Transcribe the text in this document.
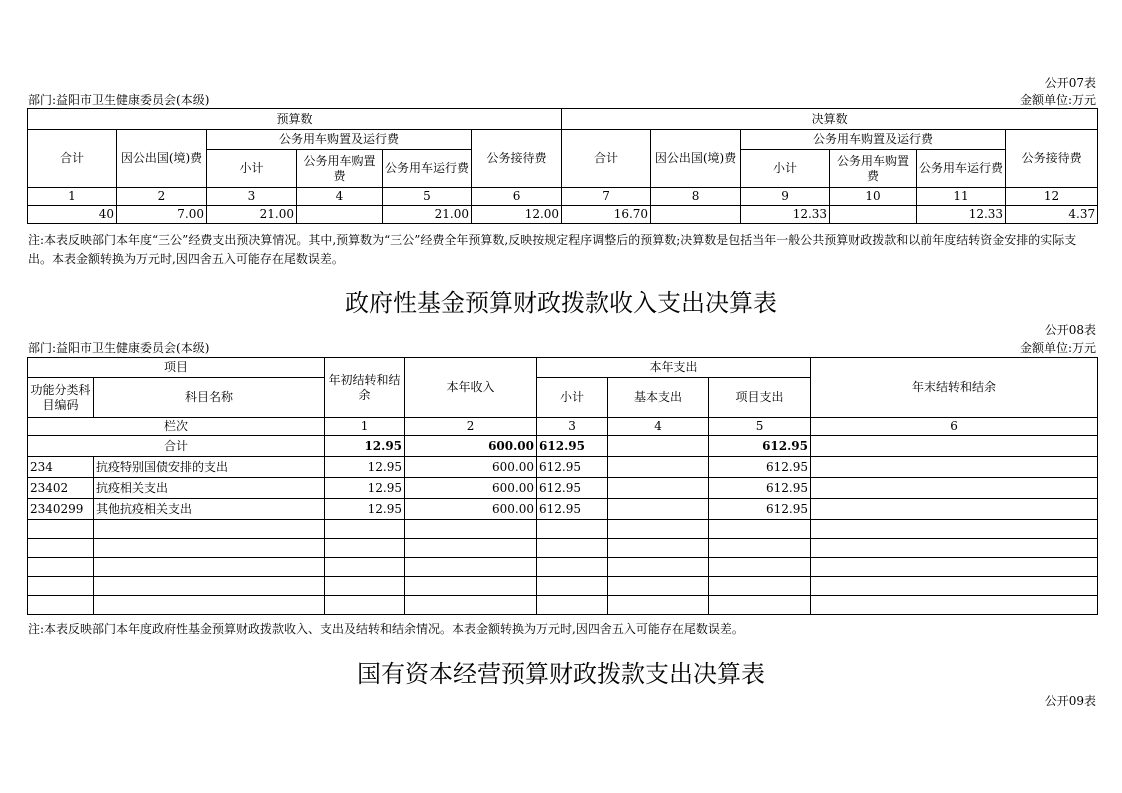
公开07表
部门:益阳市卫生健康委员会(本级)	金额单位:万元
预算数						决算数					
合计	因公出国(境)费	公务用车购置及运行费			公务接待费	合计	因公出国(境)费	公务用车购置及运行费			公务接待费
		小计	公务用车购置费	公务用车运行费				小计	公务用车购置费	公务用车运行费	
1	2	3	4	5	6	7	8	9	10	11	12
40	7.00	21.00		21.00	12.00	16.70		12.33		12.33	4.37
注:本表反映部门本年度“三公”经费支出预决算情况。其中,预算数为“三公”经费全年预算数,反映按规定程序调整后的预算数;决算数是包括当年一般公共预算财政拨款和以前年度结转资金安排的实际支出。本表金额转换为万元时,因四舍五入可能存在尾数误差。
政府性基金预算财政拨款收入支出决算表
公开08表
部门:益阳市卫生健康委员会(本级)	金额单位:万元
项目		年初结转和结余	本年收入	本年支出			年末结转和结余
功能分类科目编码	科目名称			小计	基本支出	项目支出	
栏次		1	2	3	4	5	6
合计		12.95	600.00	612.95		612.95	
234	抗疫特别国债安排的支出	12.95	600.00	612.95		612.95	
23402	抗疫相关支出	12.95	600.00	612.95		612.95	
2340299	其他抗疫相关支出	12.95	600.00	612.95		612.95	

注:本表反映部门本年度政府性基金预算财政拨款收入、支出及结转和结余情况。本表金额转换为万元时,因四舍五入可能存在尾数误差。
国有资本经营预算财政拨款支出决算表
公开09表
